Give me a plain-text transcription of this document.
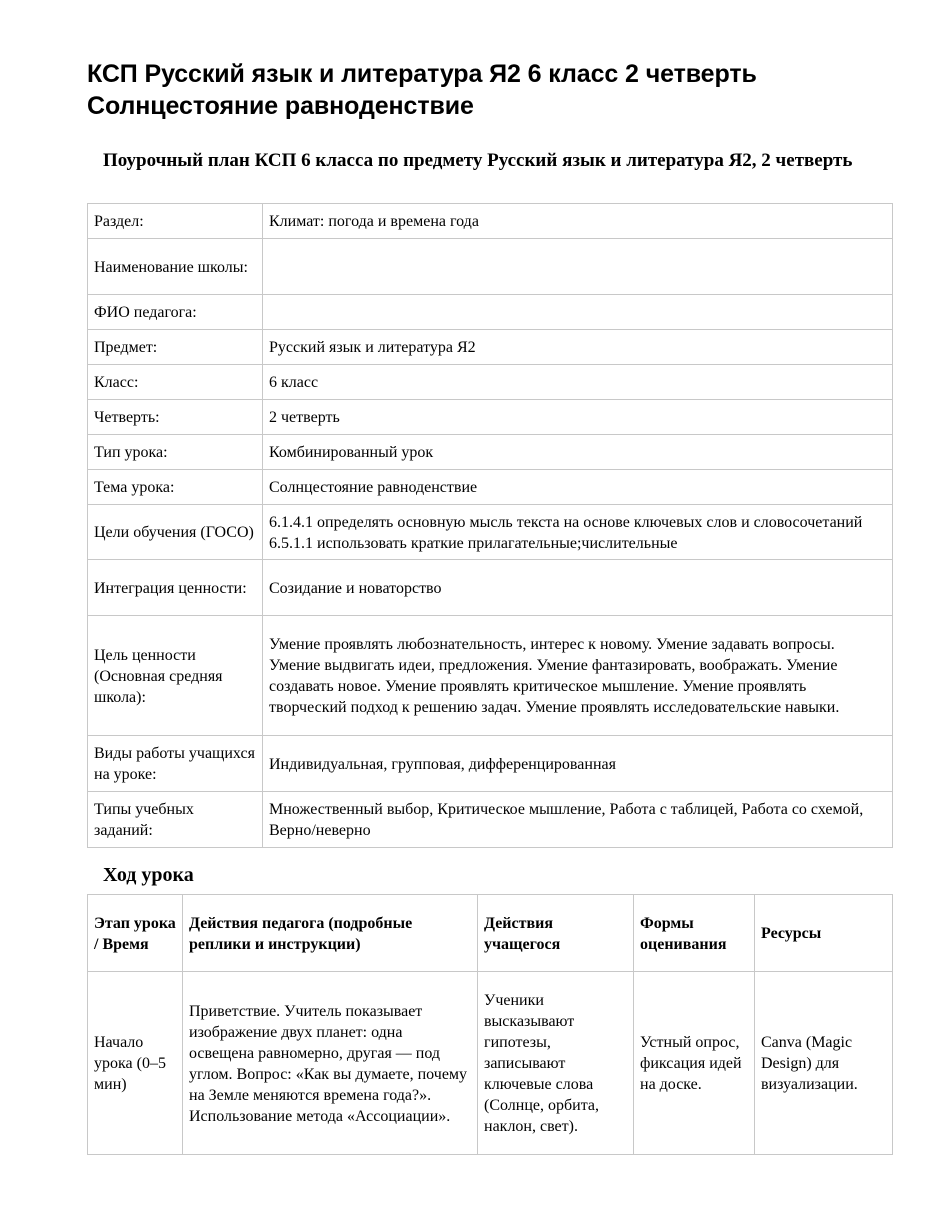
КСП Русский язык и литература Я2 6 класс 2 четверть Солнцестояние равноденствие
Поурочный план КСП 6 класса по предмету Русский язык и литература Я2, 2 четверть
Раздел:	Климат: погода и времена года
Наименование школы:	
ФИО педагога:	
Предмет:	Русский язык и литература Я2
Класс:	6 класс
Четверть:	2 четверть
Тип урока:	Комбинированный урок
Тема урока:	Солнцестояние равноденствие
Цели обучения (ГОСО)	6.1.4.1 определять основную мысль текста на основе ключевых слов и словосочетаний 6.5.1.1 использовать краткие прилагательные;числительные
Интеграция ценности:	Созидание и новаторство
Цель ценности (Основная средняя школа):	Умение проявлять любознательность, интерес к новому. Умение задавать вопросы. Умение выдвигать идеи, предложения. Умение фантазировать, воображать. Умение создавать новое. Умение проявлять критическое мышление. Умение проявлять творческий подход к решению задач. Умение проявлять исследовательские навыки.
Виды работы учащихся на уроке:	Индивидуальная, групповая, дифференцированная
Типы учебных заданий:	Множественный выбор, Критическое мышление, Работа с таблицей, Работа со схемой, Верно/неверно
Ход урока
Этап урока / Время	Действия педагога (подробные реплики и инструкции)	Действия учащегося	Формы оценивания	Ресурсы
Начало урока (0–5 мин)	Приветствие. Учитель показывает изображение двух планет: одна освещена равномерно, другая — под углом. Вопрос: «Как вы думаете, почему на Земле меняются времена года?». Использование метода «Ассоциации».	Ученики высказывают гипотезы, записывают ключевые слова (Солнце, орбита, наклон, свет).	Устный опрос, фиксация идей на доске.	Canva (Magic Design) для визуализации.
